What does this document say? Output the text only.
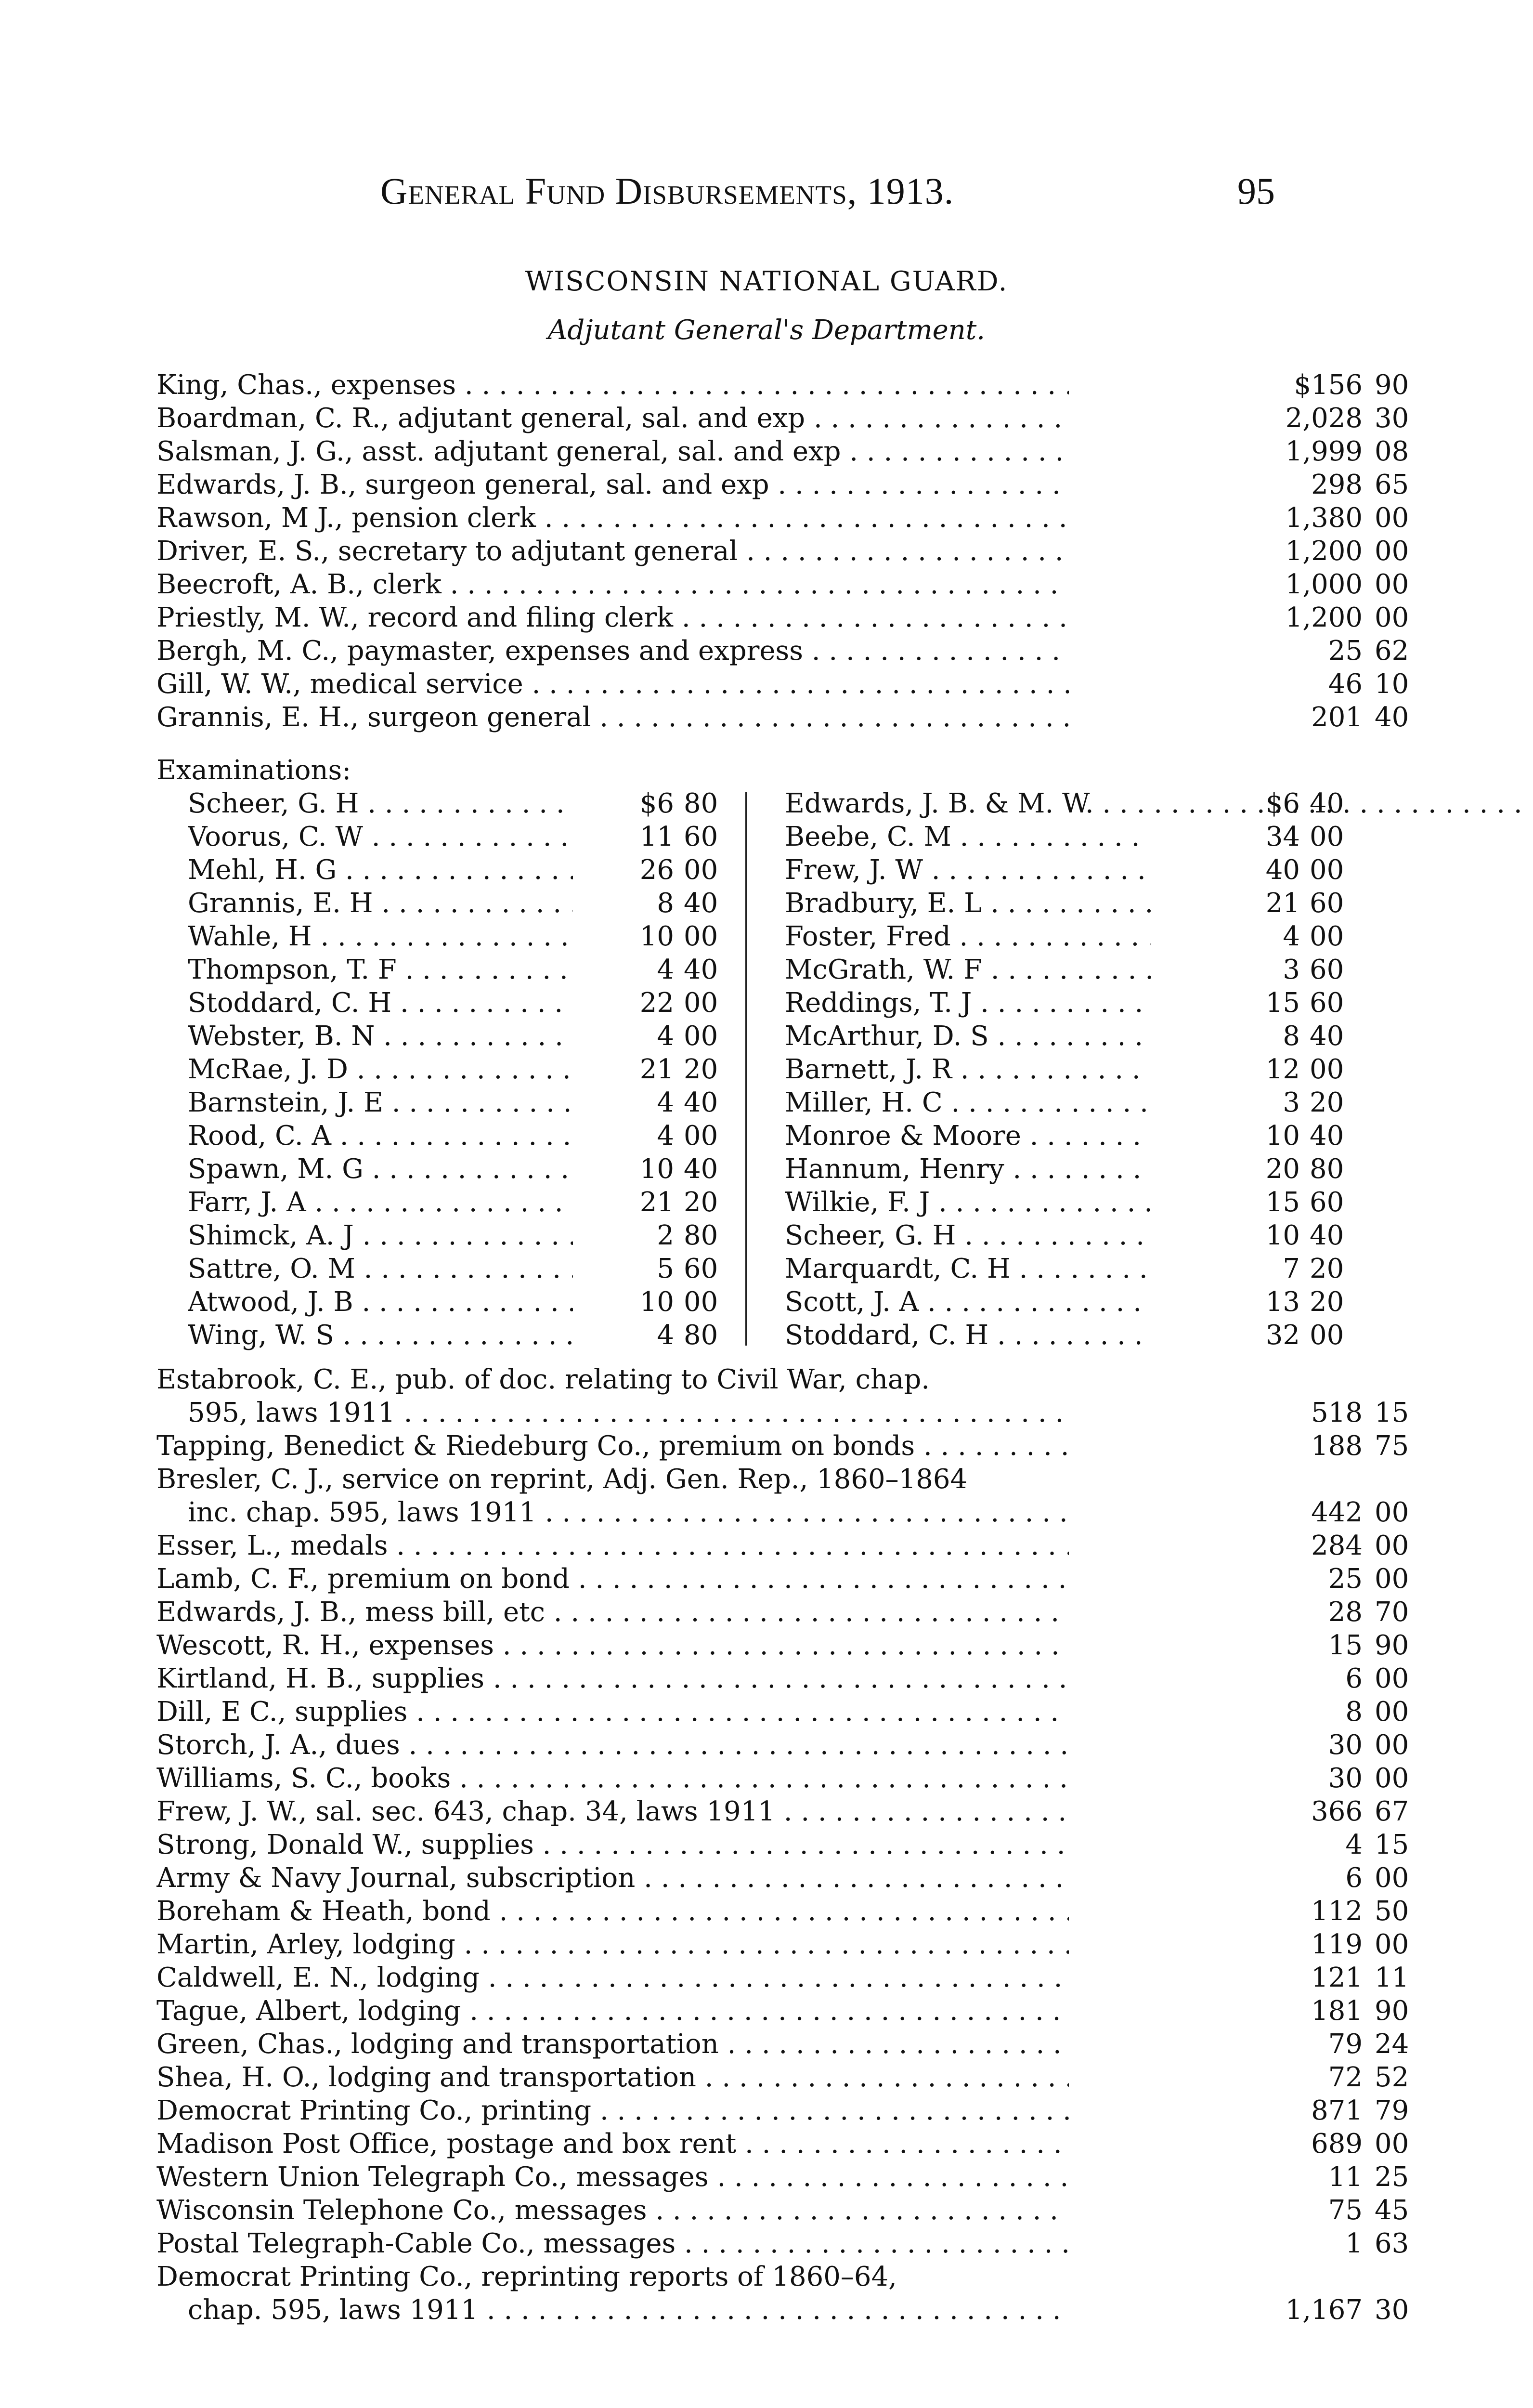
General Fund Disbursements, 1913.	95
WISCONSIN NATIONAL GUARD.
Adjutant General's Department.
King, Chas., expenses . . .	$156 90
Boardman, C. R., adjutant general, sal. and exp . . .	2,028 30
Salsman, J. G., asst. adjutant general, sal. and exp . . .	1,999 08
Edwards, J. B., surgeon general, sal. and exp . . .	298 65
Rawson, M J., pension clerk . . .	1,380 00
Driver, E. S., secretary to adjutant general . . .	1,200 00
Beecroft, A. B., clerk . . .	1,000 00
Priestly, M. W., record and filing clerk . . .	1,200 00
Bergh, M. C., paymaster, expenses and express . . .	25 62
Gill, W. W., medical service . . .	46 10
Grannis, E. H., surgeon general . . .	201 40
Examinations:
Scheer, G. H . . .	$6 80
Voorus, C. W . . .	11 60
Mehl, H. G . . .	26 00
Grannis, E. H . . .	8 40
Wahle, H . . .	10 00
Thompson, T. F . . .	4 40
Stoddard, C. H . . .	22 00
Webster, B. N . . .	4 00
McRae, J. D . . .	21 20
Barnstein, J. E . . .	4 40
Rood, C. A . . .	4 00
Spawn, M. G . . .	10 40
Farr, J. A . . .	21 20
Shimck, A. J . . .	2 80
Sattre, O. M . . .	5 60
Atwood, J. B . . .	10 00
Wing, W. S . . .	4 80
Edwards, J. B. & M. W. . . .	$6 40
Beebe, C. M . . .	34 00
Frew, J. W . . .	40 00
Bradbury, E. L . . .	21 60
Foster, Fred . . .	4 00
McGrath, W. F . . .	3 60
Reddings, T. J . . .	15 60
McArthur, D. S . . .	8 40
Barnett, J. R . . .	12 00
Miller, H. C . . .	3 20
Monroe & Moore . . .	10 40
Hannum, Henry . . .	20 80
Wilkie, F. J . . .	15 60
Scheer, G. H . . .	10 40
Marquardt, C. H . . .	7 20
Scott, J. A . . .	13 20
Stoddard, C. H . . .	32 00
Estabrook, C. E., pub. of doc. relating to Civil War, chap.
595, laws 1911 . . .	518 15
Tapping, Benedict & Riedeburg Co., premium on bonds . . .	188 75
Bresler, C. J., service on reprint, Adj. Gen. Rep., 1860–1864
inc. chap. 595, laws 1911 . . .	442 00
Esser, L., medals . . .	284 00
Lamb, C. F., premium on bond . . .	25 00
Edwards, J. B., mess bill, etc . . .	28 70
Wescott, R. H., expenses . . .	15 90
Kirtland, H. B., supplies . . .	6 00
Dill, E C., supplies . . .	8 00
Storch, J. A., dues . . .	30 00
Williams, S. C., books . . .	30 00
Frew, J. W., sal. sec. 643, chap. 34, laws 1911 . . .	366 67
Strong, Donald W., supplies . . .	4 15
Army & Navy Journal, subscription . . .	6 00
Boreham & Heath, bond . . .	112 50
Martin, Arley, lodging . . .	119 00
Caldwell, E. N., lodging . . .	121 11
Tague, Albert, lodging . . .	181 90
Green, Chas., lodging and transportation . . .	79 24
Shea, H. O., lodging and transportation . . .	72 52
Democrat Printing Co., printing . . .	871 79
Madison Post Office, postage and box rent . . .	689 00
Western Union Telegraph Co., messages . . .	11 25
Wisconsin Telephone Co., messages . . .	75 45
Postal Telegraph-Cable Co., messages . . .	1 63
Democrat Printing Co., reprinting reports of 1860–64,
chap. 595, laws 1911 . . .	1,167 30
